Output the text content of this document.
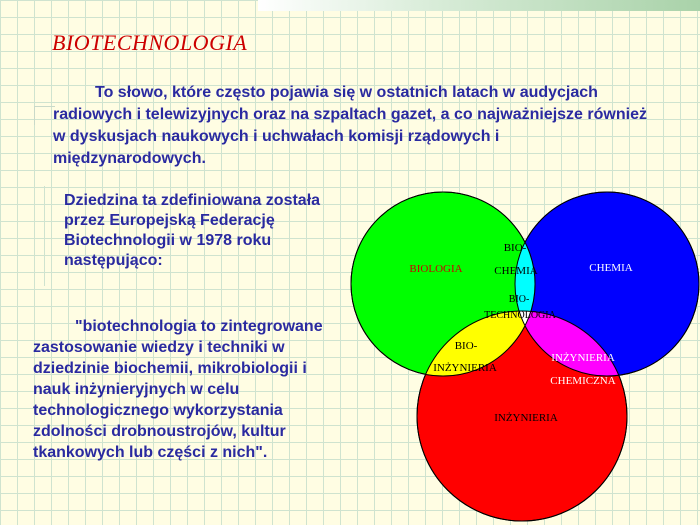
BIOTECHNOLOGIA

To słowo, które często pojawia się w ostatnich latach w audycjach radiowych i telewizyjnych oraz na szpaltach gazet, a co najważniejsze również w dyskusjach naukowych i uchwałach komisji rządowych i międzynarodowych.

Dziedzina ta zdefiniowana została przez Europejską Federację Biotechnologii w 1978 roku następująco:

"biotechnologia to zintegrowane zastosowanie wiedzy i techniki w dziedzinie biochemii, mikrobiologii i nauk inżynieryjnych w celu technologicznego wykorzystania zdolności drobnoustrojów, kultur tkankowych lub części z nich".

BIOLOGIA	CHEMIA
INŻYNIERIA
BIO-
CHEMIA
BIO-
TECHNOLOGIA
BIO-
INŻYNIERIA
INŻYNIERIA
CHEMICZNA
